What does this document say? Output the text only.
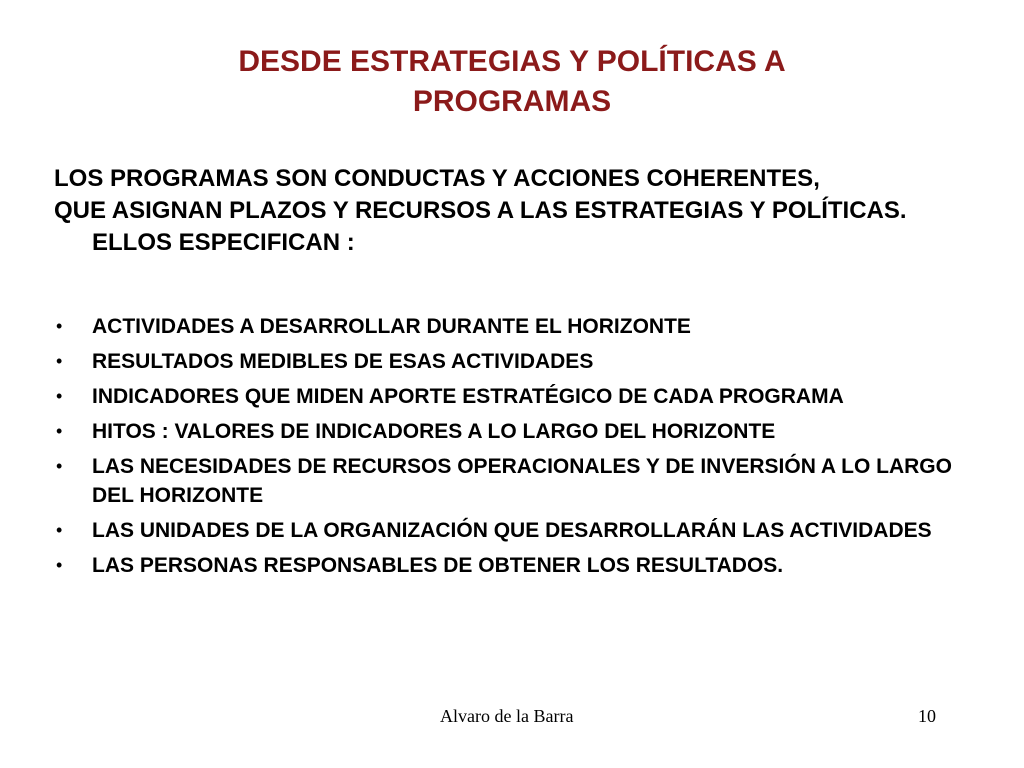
DESDE ESTRATEGIAS Y POLÍTICAS A
PROGRAMAS

LOS PROGRAMAS SON CONDUCTAS Y ACCIONES COHERENTES,

QUE ASIGNAN PLAZOS Y RECURSOS A LAS ESTRATEGIAS Y POLÍTICAS. ELLOS ESPECIFICAN :

• ACTIVIDADES A DESARROLLAR DURANTE EL HORIZONTE
• RESULTADOS MEDIBLES DE ESAS ACTIVIDADES
• INDICADORES QUE MIDEN APORTE ESTRATÉGICO DE CADA PROGRAMA
• HITOS : VALORES DE INDICADORES A LO LARGO DEL HORIZONTE
• LAS NECESIDADES DE RECURSOS OPERACIONALES Y DE INVERSIÓN A LO LARGO DEL HORIZONTE
• LAS UNIDADES DE LA ORGANIZACIÓN QUE DESARROLLARÁN LAS ACTIVIDADES
• LAS PERSONAS RESPONSABLES DE OBTENER LOS RESULTADOS.
Alvaro de la Barra	10
